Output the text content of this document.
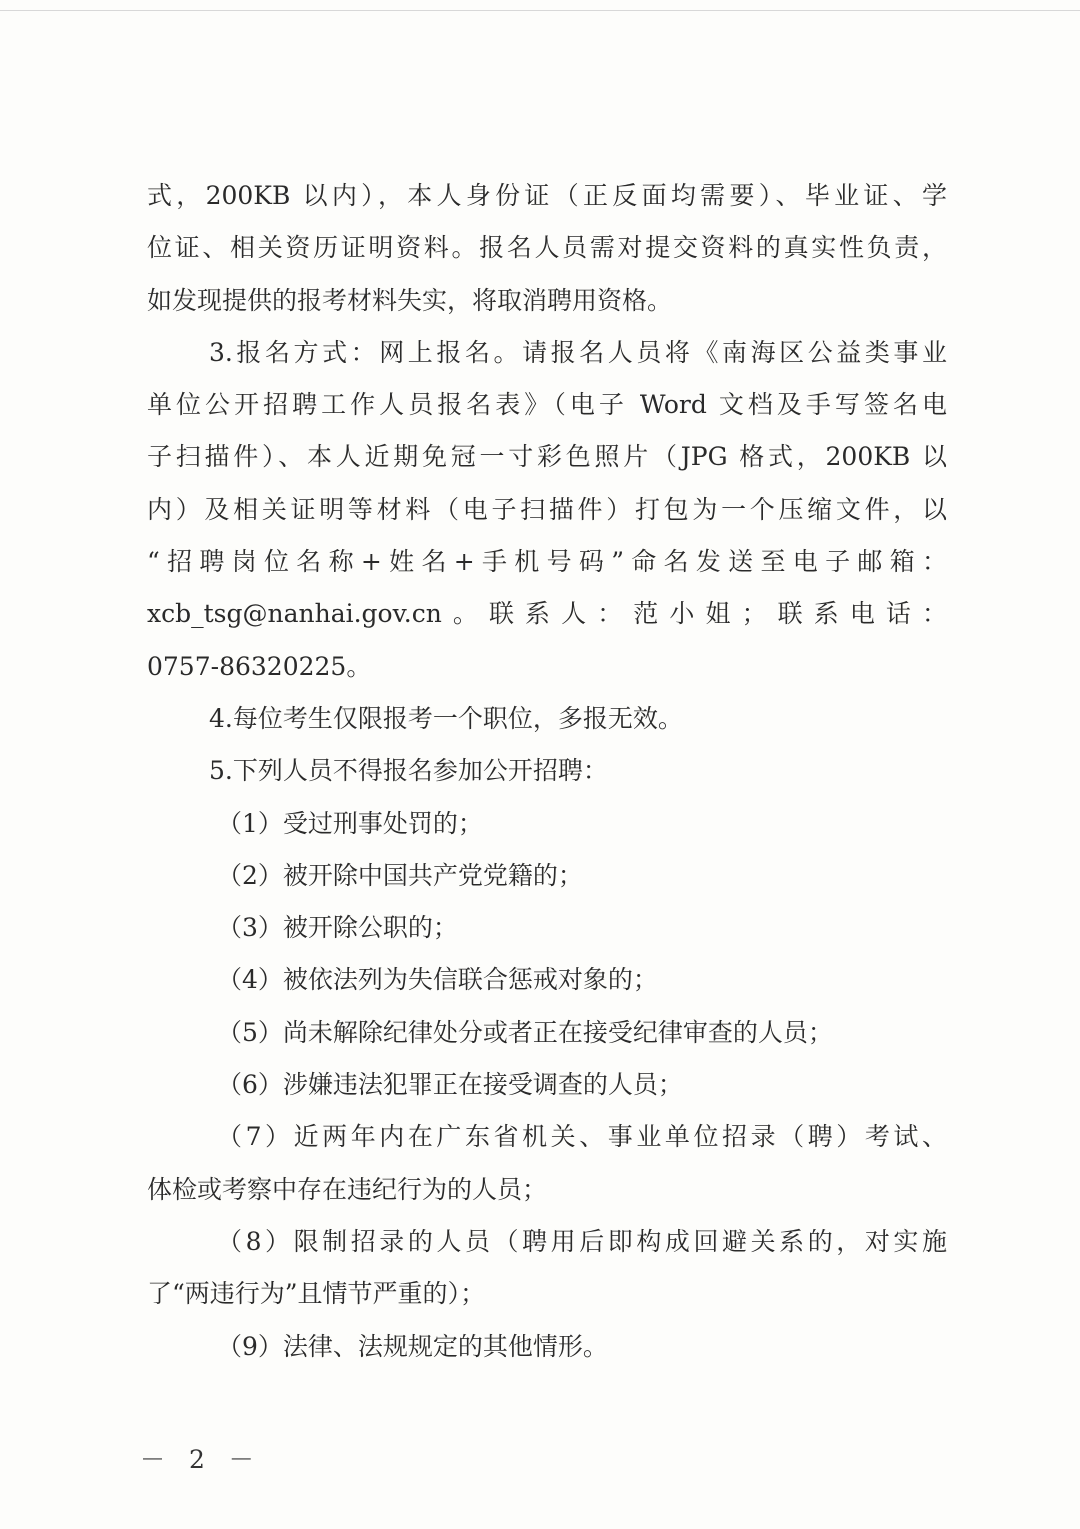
式，200KB 以内），本人身份证（正反面均需要）、毕业证、学
位证、相关资历证明资料。报名人员需对提交资料的真实性负责，
如发现提供的报考材料失实，将取消聘用资格。
3.报名方式：网上报名。请报名人员将《南海区公益类事业
单位公开招聘工作人员报名表》（电子 Word 文档及手写签名电
子扫描件）、本人近期免冠一寸彩色照片（JPG 格式，200KB 以
内）及相关证明等材料（电子扫描件）打包为一个压缩文件，以
“招聘岗位名称+姓名+手机号码”命名发送至电子邮箱：
xcb_tsg@nanhai.gov.cn。联系人：范小姐；联系电话：
0757-86320225。
4.每位考生仅限报考一个职位，多报无效。
5.下列人员不得报名参加公开招聘：
（1）受过刑事处罚的；
（2）被开除中国共产党党籍的；
（3）被开除公职的；
（4）被依法列为失信联合惩戒对象的；
（5）尚未解除纪律处分或者正在接受纪律审查的人员；
（6）涉嫌违法犯罪正在接受调查的人员；
（7）近两年内在广东省机关、事业单位招录（聘）考试、
体检或考察中存在违纪行为的人员；
（8）限制招录的人员（聘用后即构成回避关系的，对实施
了“两违行为”且情节严重的）；
（9）法律、法规规定的其他情形。
－ 2 －
